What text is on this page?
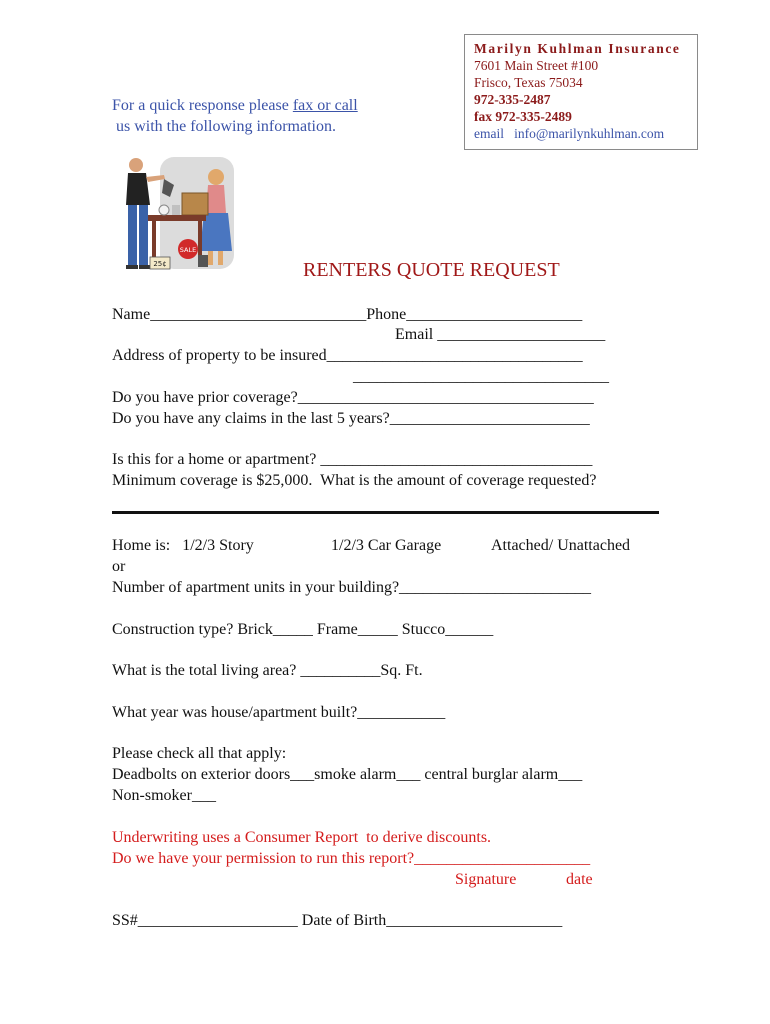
Marilyn Kuhlman Insurance
7601 Main Street #100
Frisco, Texas 75034
972-335-2487
fax 972-335-2489
email info@marilynkuhlman.com
For a quick response please fax or call
us with the following information.
SALE
25¢	RENTERS QUOTE REQUEST
Name___________________________Phone______________________
Email _____________________
Address of property to be insured________________________________
________________________________
Do you have prior coverage?_____________________________________
Do you have any claims in the last 5 years?_________________________
Is this for a home or apartment? __________________________________
Minimum coverage is $25,000.  What is the amount of coverage requested?
Home is:   1/2/3 Story	1/2/3 Car Garage	Attached/ Unattached
or
Number of apartment units in your building?________________________
Construction type? Brick_____ Frame_____ Stucco______
What is the total living area? __________Sq. Ft.
What year was house/apartment built?___________
Please check all that apply:
Deadbolts on exterior doors___smoke alarm___ central burglar alarm___
Non-smoker___
Underwriting uses a Consumer Report  to derive discounts.
Do we have your permission to run this report?______________________
Signature	date
SS#____________________ Date of Birth______________________
